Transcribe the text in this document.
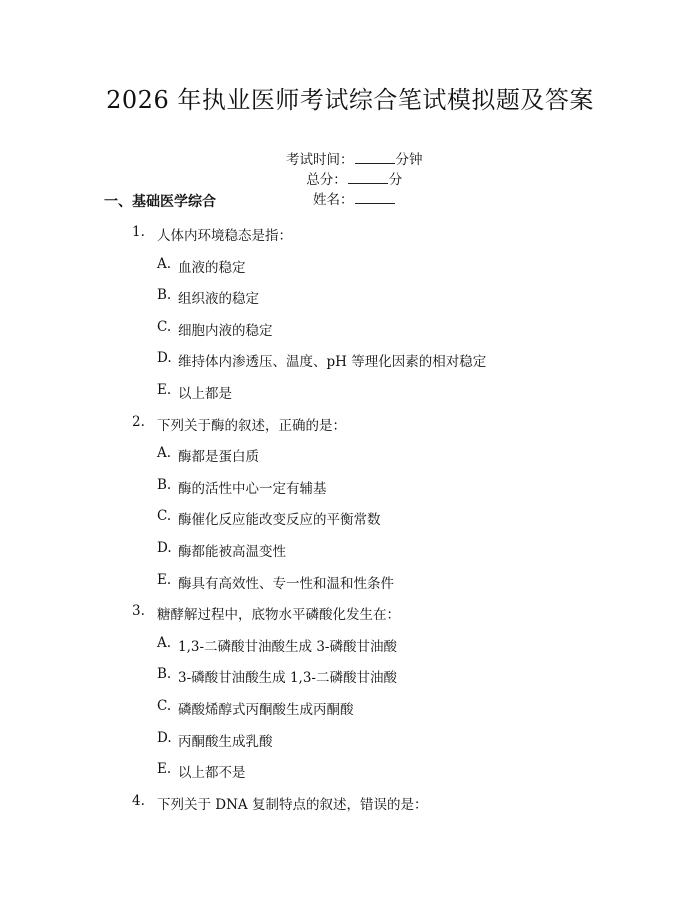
2026 年执业医师考试综合笔试模拟题及答案

考试时间：	分钟
总分：	分
姓名：

一、基础医学综合
1. 人体内环境稳态是指：
A. 血液的稳定
B. 组织液的稳定
C. 细胞内液的稳定
D. 维持体内渗透压、温度、pH 等理化因素的相对稳定
E. 以上都是
2. 下列关于酶的叙述，正确的是：
A. 酶都是蛋白质
B. 酶的活性中心一定有辅基
C. 酶催化反应能改变反应的平衡常数
D. 酶都能被高温变性
E. 酶具有高效性、专一性和温和性条件
3. 糖酵解过程中，底物水平磷酸化发生在：
A. 1,3-二磷酸甘油酸生成 3-磷酸甘油酸
B. 3-磷酸甘油酸生成 1,3-二磷酸甘油酸
C. 磷酸烯醇式丙酮酸生成丙酮酸
D. 丙酮酸生成乳酸
E. 以上都不是
4. 下列关于 DNA 复制特点的叙述，错误的是：
